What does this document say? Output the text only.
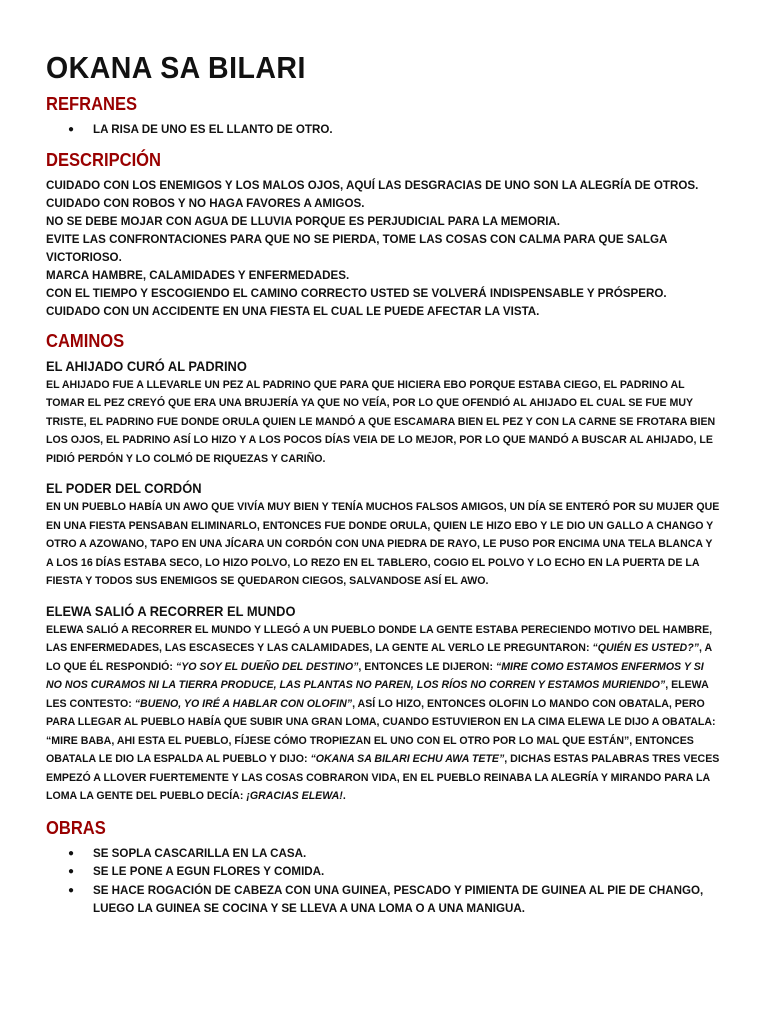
OKANA SA BILARI
REFRANES
● LA RISA DE UNO ES EL LLANTO DE OTRO.
DESCRIPCIÓN

CUIDADO CON LOS ENEMIGOS Y LOS MALOS OJOS, AQUÍ LAS DESGRACIAS DE UNO SON LA ALEGRÍA DE OTROS.

CUIDADO CON ROBOS Y NO HAGA FAVORES A AMIGOS.

NO SE DEBE MOJAR CON AGUA DE LLUVIA PORQUE ES PERJUDICIAL PARA LA MEMORIA.

EVITE LAS CONFRONTACIONES PARA QUE NO SE PIERDA, TOME LAS COSAS CON CALMA PARA QUE SALGA VICTORIOSO.

MARCA HAMBRE, CALAMIDADES Y ENFERMEDADES.

CON EL TIEMPO Y ESCOGIENDO EL CAMINO CORRECTO USTED SE VOLVERÁ INDISPENSABLE Y PRÓSPERO.

CUIDADO CON UN ACCIDENTE EN UNA FIESTA EL CUAL LE PUEDE AFECTAR LA VISTA.

CAMINOS
EL AHIJADO CURÓ AL PADRINO
EL AHIJADO FUE A LLEVARLE UN PEZ AL PADRINO QUE PARA QUE HICIERA EBO PORQUE ESTABA CIEGO, EL PADRINO AL TOMAR EL PEZ CREYÓ QUE ERA UNA BRUJERÍA YA QUE NO VEÍA, POR LO QUE OFENDIÓ AL AHIJADO EL CUAL SE FUE MUY TRISTE, EL PADRINO FUE DONDE ORULA QUIEN LE MANDÓ A QUE ESCAMARA BIEN EL PEZ Y CON LA CARNE SE FROTARA BIEN LOS OJOS, EL PADRINO ASÍ LO HIZO Y A LOS POCOS DÍAS VEIA DE LO MEJOR, POR LO QUE MANDÓ A BUSCAR AL AHIJADO, LE PIDIÓ PERDÓN Y LO COLMÓ DE RIQUEZAS Y CARIÑO.
EL PODER DEL CORDÓN
EN UN PUEBLO HABÍA UN AWO QUE VIVÍA MUY BIEN Y TENÍA MUCHOS FALSOS AMIGOS, UN DÍA SE ENTERÓ POR SU MUJER QUE EN UNA FIESTA PENSABAN ELIMINARLO, ENTONCES FUE DONDE ORULA, QUIEN LE HIZO EBO Y LE DIO UN GALLO A CHANGO Y OTRO A AZOWANO, TAPO EN UNA JÍCARA UN CORDÓN CON UNA PIEDRA DE RAYO, LE PUSO POR ENCIMA UNA TELA BLANCA Y A LOS 16 DÍAS ESTABA SECO, LO HIZO POLVO, LO REZO EN EL TABLERO, COGIO EL POLVO Y LO ECHO EN LA PUERTA DE LA FIESTA Y TODOS SUS ENEMIGOS SE QUEDARON CIEGOS, SALVANDOSE ASÍ EL AWO.
ELEWA SALIÓ A RECORRER EL MUNDO
ELEWA SALIÓ A RECORRER EL MUNDO Y LLEGÓ A UN PUEBLO DONDE LA GENTE ESTABA PERECIENDO MOTIVO DEL HAMBRE, LAS ENFERMEDADES, LAS ESCASECES Y LAS CALAMIDADES, LA GENTE AL VERLO LE PREGUNTARON: “QUIÉN ES USTED?”, A LO QUE ÉL RESPONDIÓ: “YO SOY EL DUEÑO DEL DESTINO”, ENTONCES LE DIJERON: “MIRE COMO ESTAMOS ENFERMOS Y SI NO NOS CURAMOS NI LA TIERRA PRODUCE, LAS PLANTAS NO PAREN, LOS RÍOS NO CORREN Y ESTAMOS MURIENDO”, ELEWA LES CONTESTO: “BUENO, YO IRÉ A HABLAR CON OLOFIN”, ASÍ LO HIZO, ENTONCES OLOFIN LO MANDO CON OBATALA, PERO PARA LLEGAR AL PUEBLO HABÍA QUE SUBIR UNA GRAN LOMA, CUANDO ESTUVIERON EN LA CIMA ELEWA LE DIJO A OBATALA: “MIRE BABA, AHI ESTA EL PUEBLO, FÍJESE CÓMO TROPIEZAN EL UNO CON EL OTRO POR LO MAL QUE ESTÁN”, ENTONCES OBATALA LE DIO LA ESPALDA AL PUEBLO Y DIJO: “OKANA SA BILARI ECHU AWA TETE”, DICHAS ESTAS PALABRAS TRES VECES EMPEZÓ A LLOVER FUERTEMENTE Y LAS COSAS COBRARON VIDA, EN EL PUEBLO REINABA LA ALEGRÍA Y MIRANDO PARA LA LOMA LA GENTE DEL PUEBLO DECÍA: ¡GRACIAS ELEWA!.
OBRAS
● SE SOPLA CASCARILLA EN LA CASA.
● SE LE PONE A EGUN FLORES Y COMIDA.
● SE HACE ROGACIÓN DE CABEZA CON UNA GUINEA, PESCADO Y PIMIENTA DE GUINEA AL PIE DE CHANGO, LUEGO LA GUINEA SE COCINA Y SE LLEVA A UNA LOMA O A UNA MANIGUA.
